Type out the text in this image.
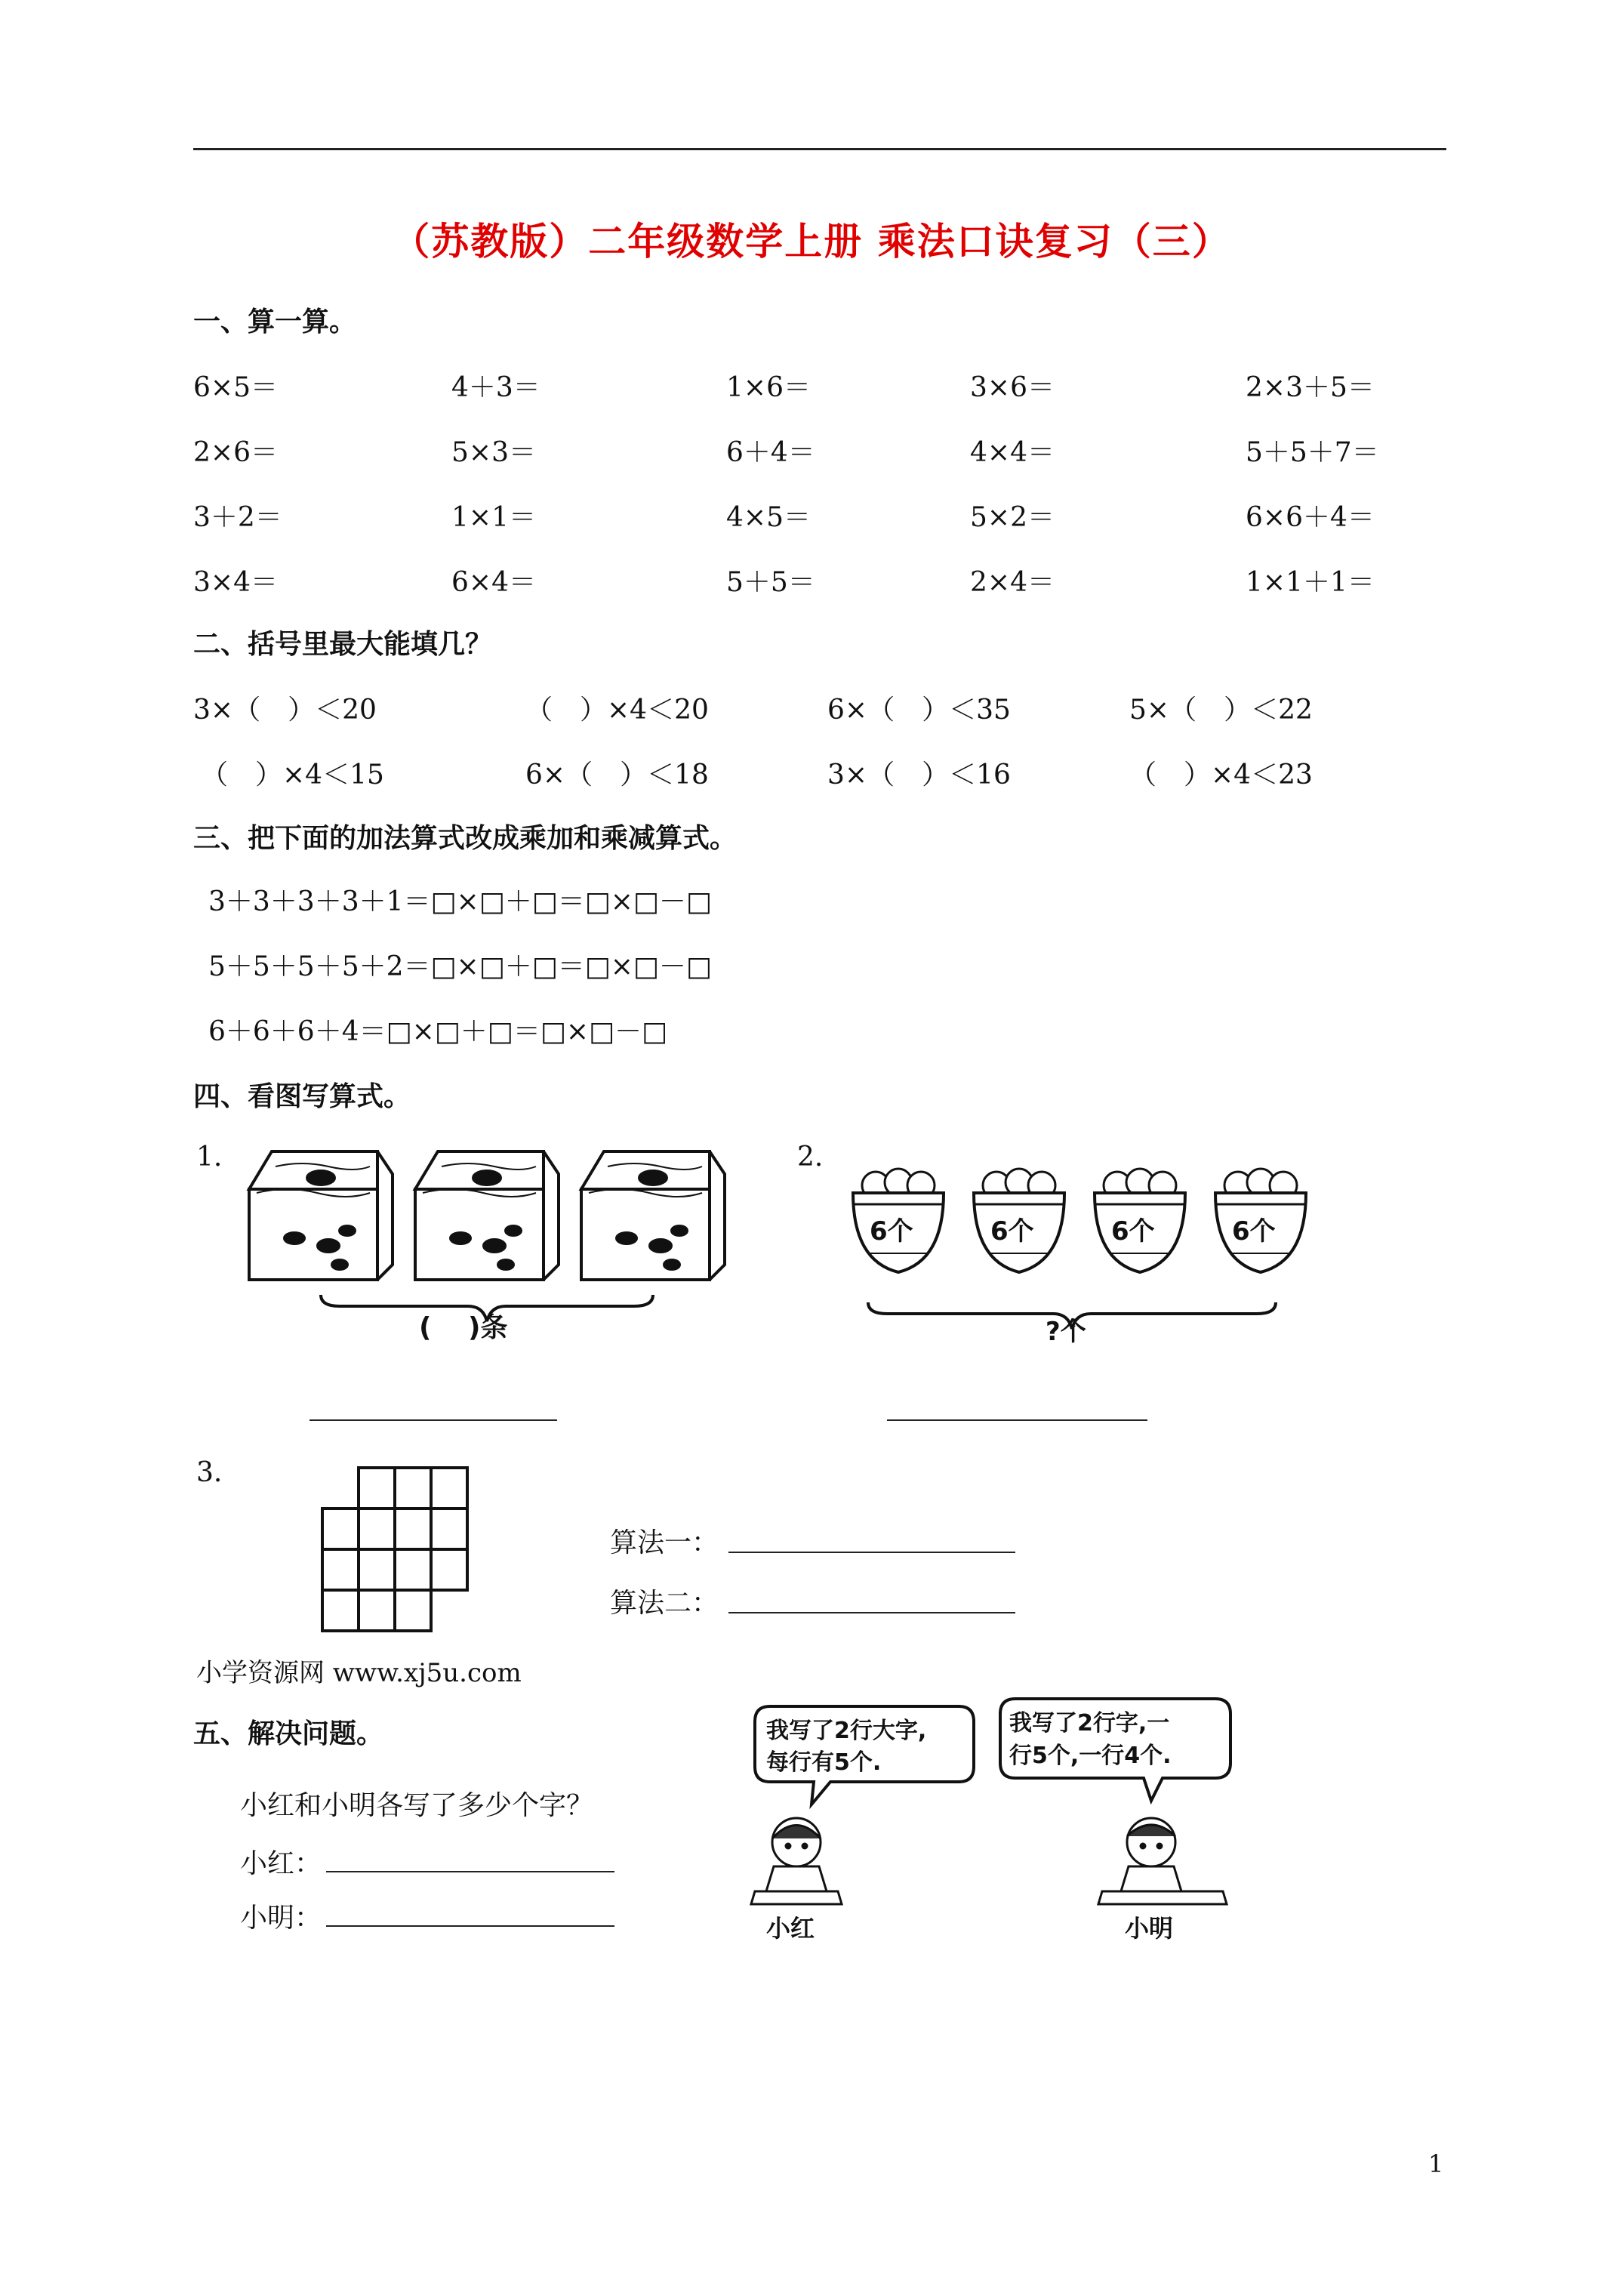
（苏教版）二年级数学上册 乘法口诀复习（三）
一、算一算。
6×5＝	4＋3＝	1×6＝	3×6＝	2×3＋5＝
2×6＝	5×3＝	6＋4＝	4×4＝	5＋5＋7＝
3＋2＝	1×1＝	4×5＝	5×2＝	6×6＋4＝
3×4＝	6×4＝	5＋5＝	2×4＝	1×1＋1＝
二、括号里最大能填几？
3×（　）＜20	（　）×4＜20	6×（　）＜35	5×（　）＜22
（　）×4＜15	6×（　）＜18	3×（　）＜16	（　）×4＜23
三、把下面的加法算式改成乘加和乘减算式。
3＋3＋3＋3＋1＝□×□＋□＝□×□－□
5＋5＋5＋5＋2＝□×□＋□＝□×□－□
6＋6＋6＋4＝□×□＋□＝□×□－□
四、看图写算式。
1.
(　 )条
2.
6个	6个	6个	6个
?个
3.
算法一：
算法二：
小学资源网 www.xj5u.com
五、解决问题。
小红和小明各写了多少个字？
小红：
小明：
我写了2行大字,
每行有5个.
我写了2行字,一
行5个,一行4个.
小红	小明
1
